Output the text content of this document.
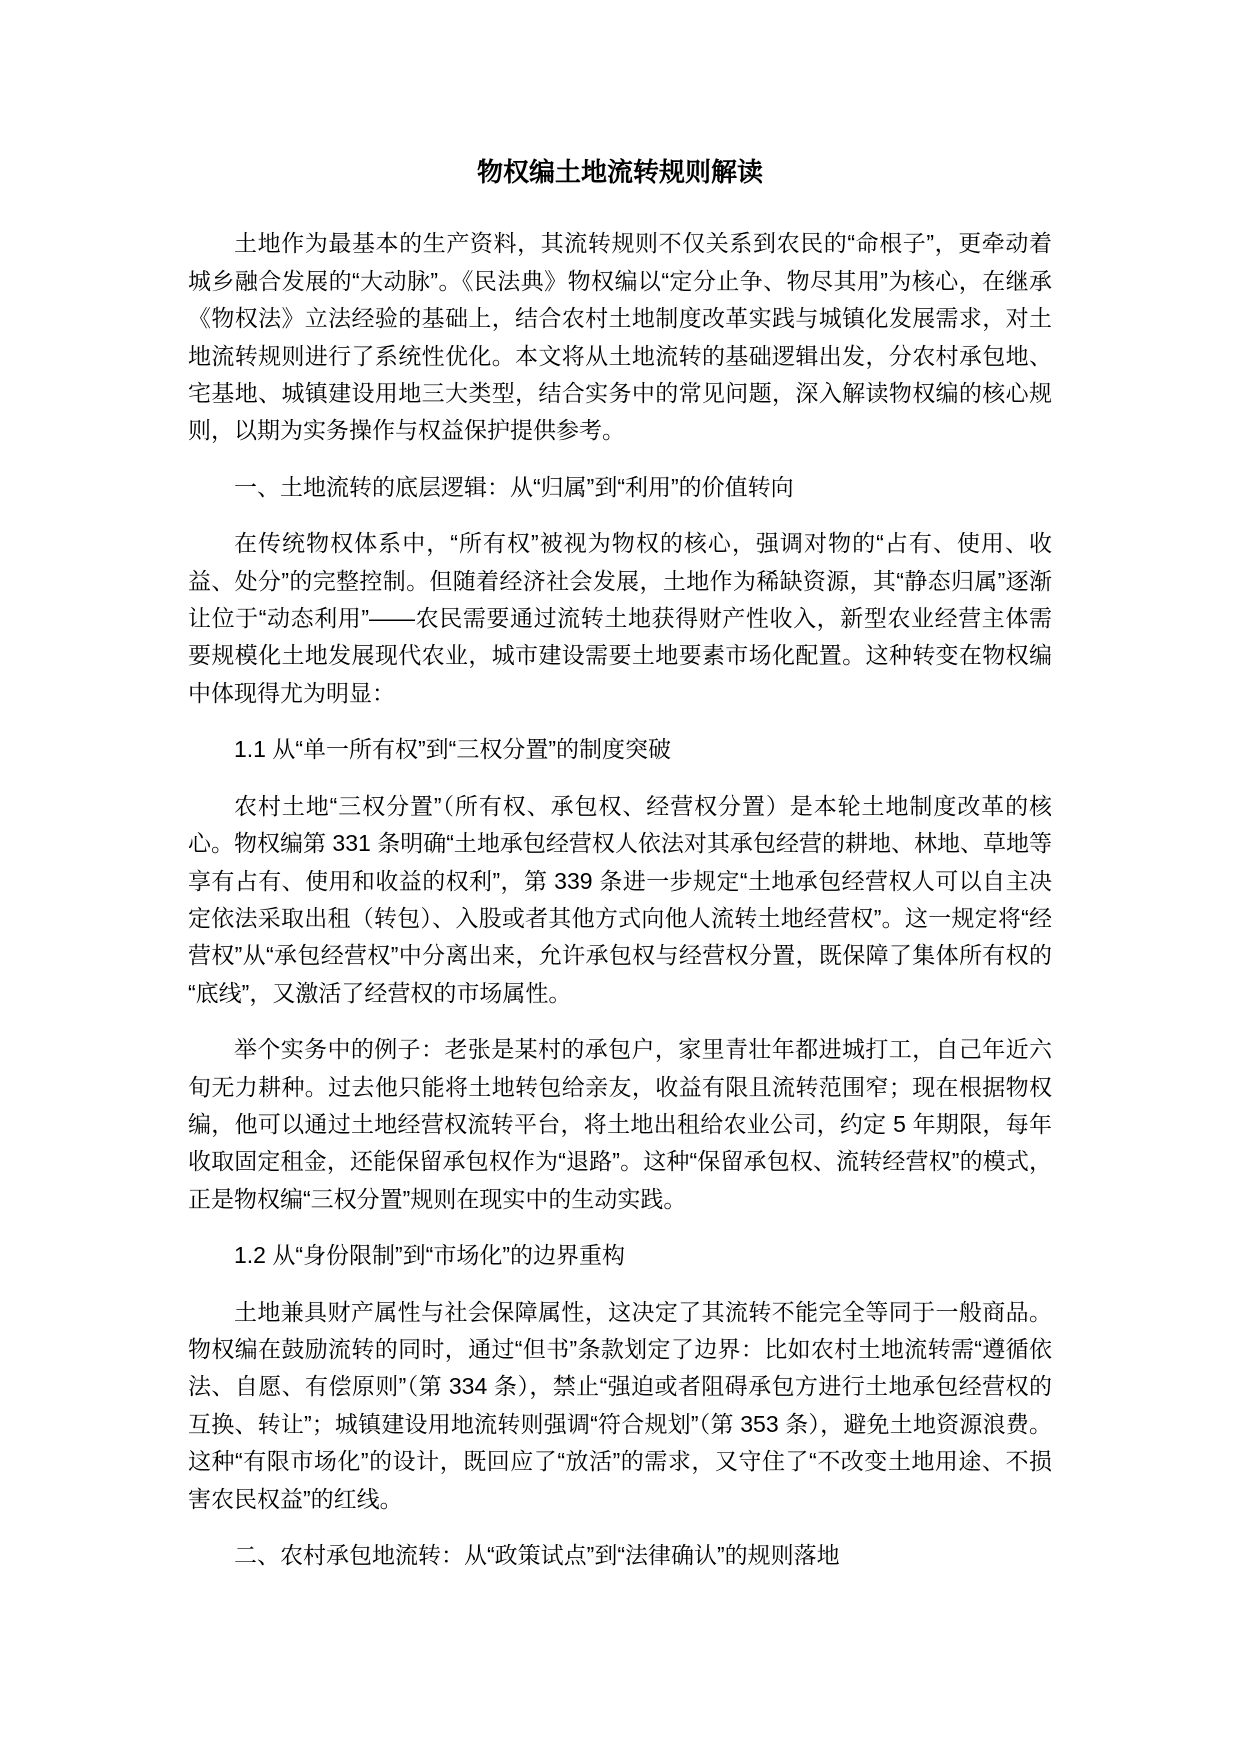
物权编土地流转规则解读

土地作为最基本的生产资料，其流转规则不仅关系到农民的“命根子”，更牵动着城乡融合发展的“大动脉”。《民法典》物权编以“定分止争、物尽其用”为核心，在继承《物权法》立法经验的基础上，结合农村土地制度改革实践与城镇化发展需求，对土地流转规则进行了系统性优化。本文将从土地流转的基础逻辑出发，分农村承包地、宅基地、城镇建设用地三大类型，结合实务中的常见问题，深入解读物权编的核心规则，以期为实务操作与权益保护提供参考。

一、土地流转的底层逻辑：从“归属”到“利用”的价值转向

在传统物权体系中，“所有权”被视为物权的核心，强调对物的“占有、使用、收益、处分”的完整控制。但随着经济社会发展，土地作为稀缺资源，其“静态归属”逐渐让位于“动态利用”——农民需要通过流转土地获得财产性收入，新型农业经营主体需要规模化土地发展现代农业，城市建设需要土地要素市场化配置。这种转变在物权编中体现得尤为明显：

1.1 从“单一所有权”到“三权分置”的制度突破

农村土地“三权分置”（所有权、承包权、经营权分置）是本轮土地制度改革的核心。物权编第 331 条明确“土地承包经营权人依法对其承包经营的耕地、林地、草地等享有占有、使用和收益的权利”，第 339 条进一步规定“土地承包经营权人可以自主决定依法采取出租（转包）、入股或者其他方式向他人流转土地经营权”。这一规定将“经营权”从“承包经营权”中分离出来，允许承包权与经营权分置，既保障了集体所有权的“底线”，又激活了经营权的市场属性。

举个实务中的例子：老张是某村的承包户，家里青壮年都进城打工，自己年近六旬无力耕种。过去他只能将土地转包给亲友，收益有限且流转范围窄；现在根据物权编，他可以通过土地经营权流转平台，将土地出租给农业公司，约定 5 年期限，每年收取固定租金，还能保留承包权作为“退路”。这种“保留承包权、流转经营权”的模式，正是物权编“三权分置”规则在现实中的生动实践。

1.2 从“身份限制”到“市场化”的边界重构

土地兼具财产属性与社会保障属性，这决定了其流转不能完全等同于一般商品。物权编在鼓励流转的同时，通过“但书”条款划定了边界：比如农村土地流转需“遵循依法、自愿、有偿原则”（第 334 条），禁止“强迫或者阻碍承包方进行土地承包经营权的互换、转让”；城镇建设用地流转则强调“符合规划”（第 353 条），避免土地资源浪费。这种“有限市场化”的设计，既回应了“放活”的需求，又守住了“不改变土地用途、不损害农民权益”的红线。

二、农村承包地流转：从“政策试点”到“法律确认”的规则落地
